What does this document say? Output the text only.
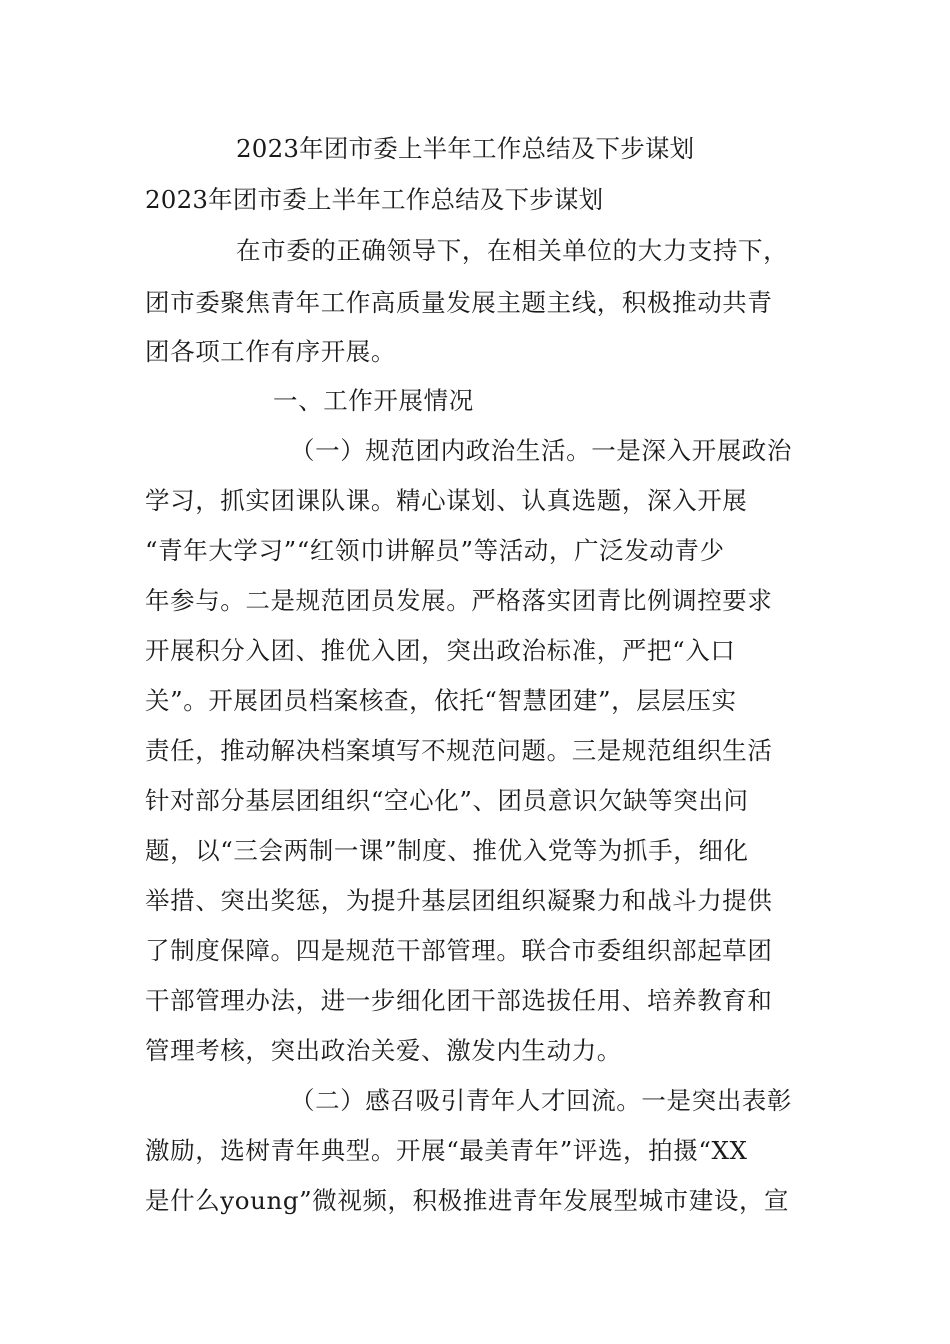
2023年团市委上半年工作总结及下步谋划
2023年团市委上半年工作总结及下步谋划
在市委的正确领导下，在相关单位的大力支持下，
团市委聚焦青年工作高质量发展主题主线，积极推动共青
团各项工作有序开展。
一、工作开展情况
（一）规范团内政治生活。一是深入开展政治
学习，抓实团课队课。精心谋划、认真选题，深入开展
“青年大学习”“红领巾讲解员”等活动，广泛发动青少
年参与。二是规范团员发展。严格落实团青比例调控要求
开展积分入团、推优入团，突出政治标准，严把“入口
关”。开展团员档案核查，依托“智慧团建”，层层压实
责任，推动解决档案填写不规范问题。三是规范组织生活
针对部分基层团组织“空心化”、团员意识欠缺等突出问
题，以“三会两制一课”制度、推优入党等为抓手，细化
举措、突出奖惩，为提升基层团组织凝聚力和战斗力提供
了制度保障。四是规范干部管理。联合市委组织部起草团
干部管理办法，进一步细化团干部选拔任用、培养教育和
管理考核，突出政治关爱、激发内生动力。
（二）感召吸引青年人才回流。一是突出表彰
激励，选树青年典型。开展“最美青年”评选，拍摄“XX
是什么young”微视频，积极推进青年发展型城市建设，宣
